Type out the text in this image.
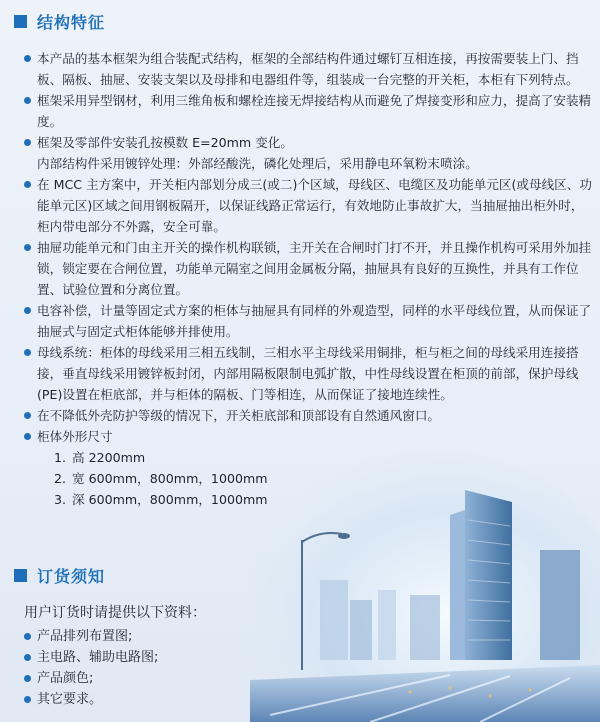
结构特征
本产品的基本框架为组合装配式结构，框架的全部结构件通过螺钉互相连接，再按需要装上门、挡板、隔板、抽屉、安装支架以及母排和电器组件等，组装成一台完整的开关柜，本柜有下列特点。
框架采用异型钢材，利用三维角板和螺栓连接无焊接结构从而避免了焊接变形和应力，提高了安装精度。
框架及零部件安装孔按模数 E=20mm 变化。
内部结构件采用镀锌处理：外部经酸洗，磷化处理后，采用静电环氧粉末喷涂。
在 MCC 主方案中，开关柜内部划分成三(或二)个区域，母线区、电缆区及功能单元区(或母线区、功能单元区)区域之间用钢板隔开，以保证线路正常运行，有效地防止事故扩大，当抽屉抽出柜外时，柜内带电部分不外露，安全可靠。
抽屉功能单元和门由主开关的操作机构联锁，主开关在合闸时门打不开，并且操作机构可采用外加挂锁，锁定要在合闸位置，功能单元隔室之间用金属板分隔，抽屉具有良好的互换性，并具有工作位置、试验位置和分离位置。
电容补偿，计量等固定式方案的柜体与抽屉具有同样的外观造型，同样的水平母线位置，从而保证了抽屉式与固定式柜体能够并排使用。
母线系统：柜体的母线采用三相五线制，三相水平主母线采用铜排，柜与柜之间的母线采用连接搭接，垂直母线采用镀锌板封闭，内部用隔板限制电弧扩散，中性母线设置在柜顶的前部，保护母线(PE)设置在柜底部，并与柜体的隔板、门等相连，从而保证了接地连续性。
在不降低外壳防护等级的情况下，开关柜底部和顶部设有自然通风窗口。
柜体外形尺寸
1. 高 2200mm
2. 宽 600mm，800mm，1000mm
3. 深 600mm，800mm，1000mm
订货须知
用户订货时请提供以下资料：
产品排列布置图;
主电路、辅助电路图;
产品颜色;
其它要求。
